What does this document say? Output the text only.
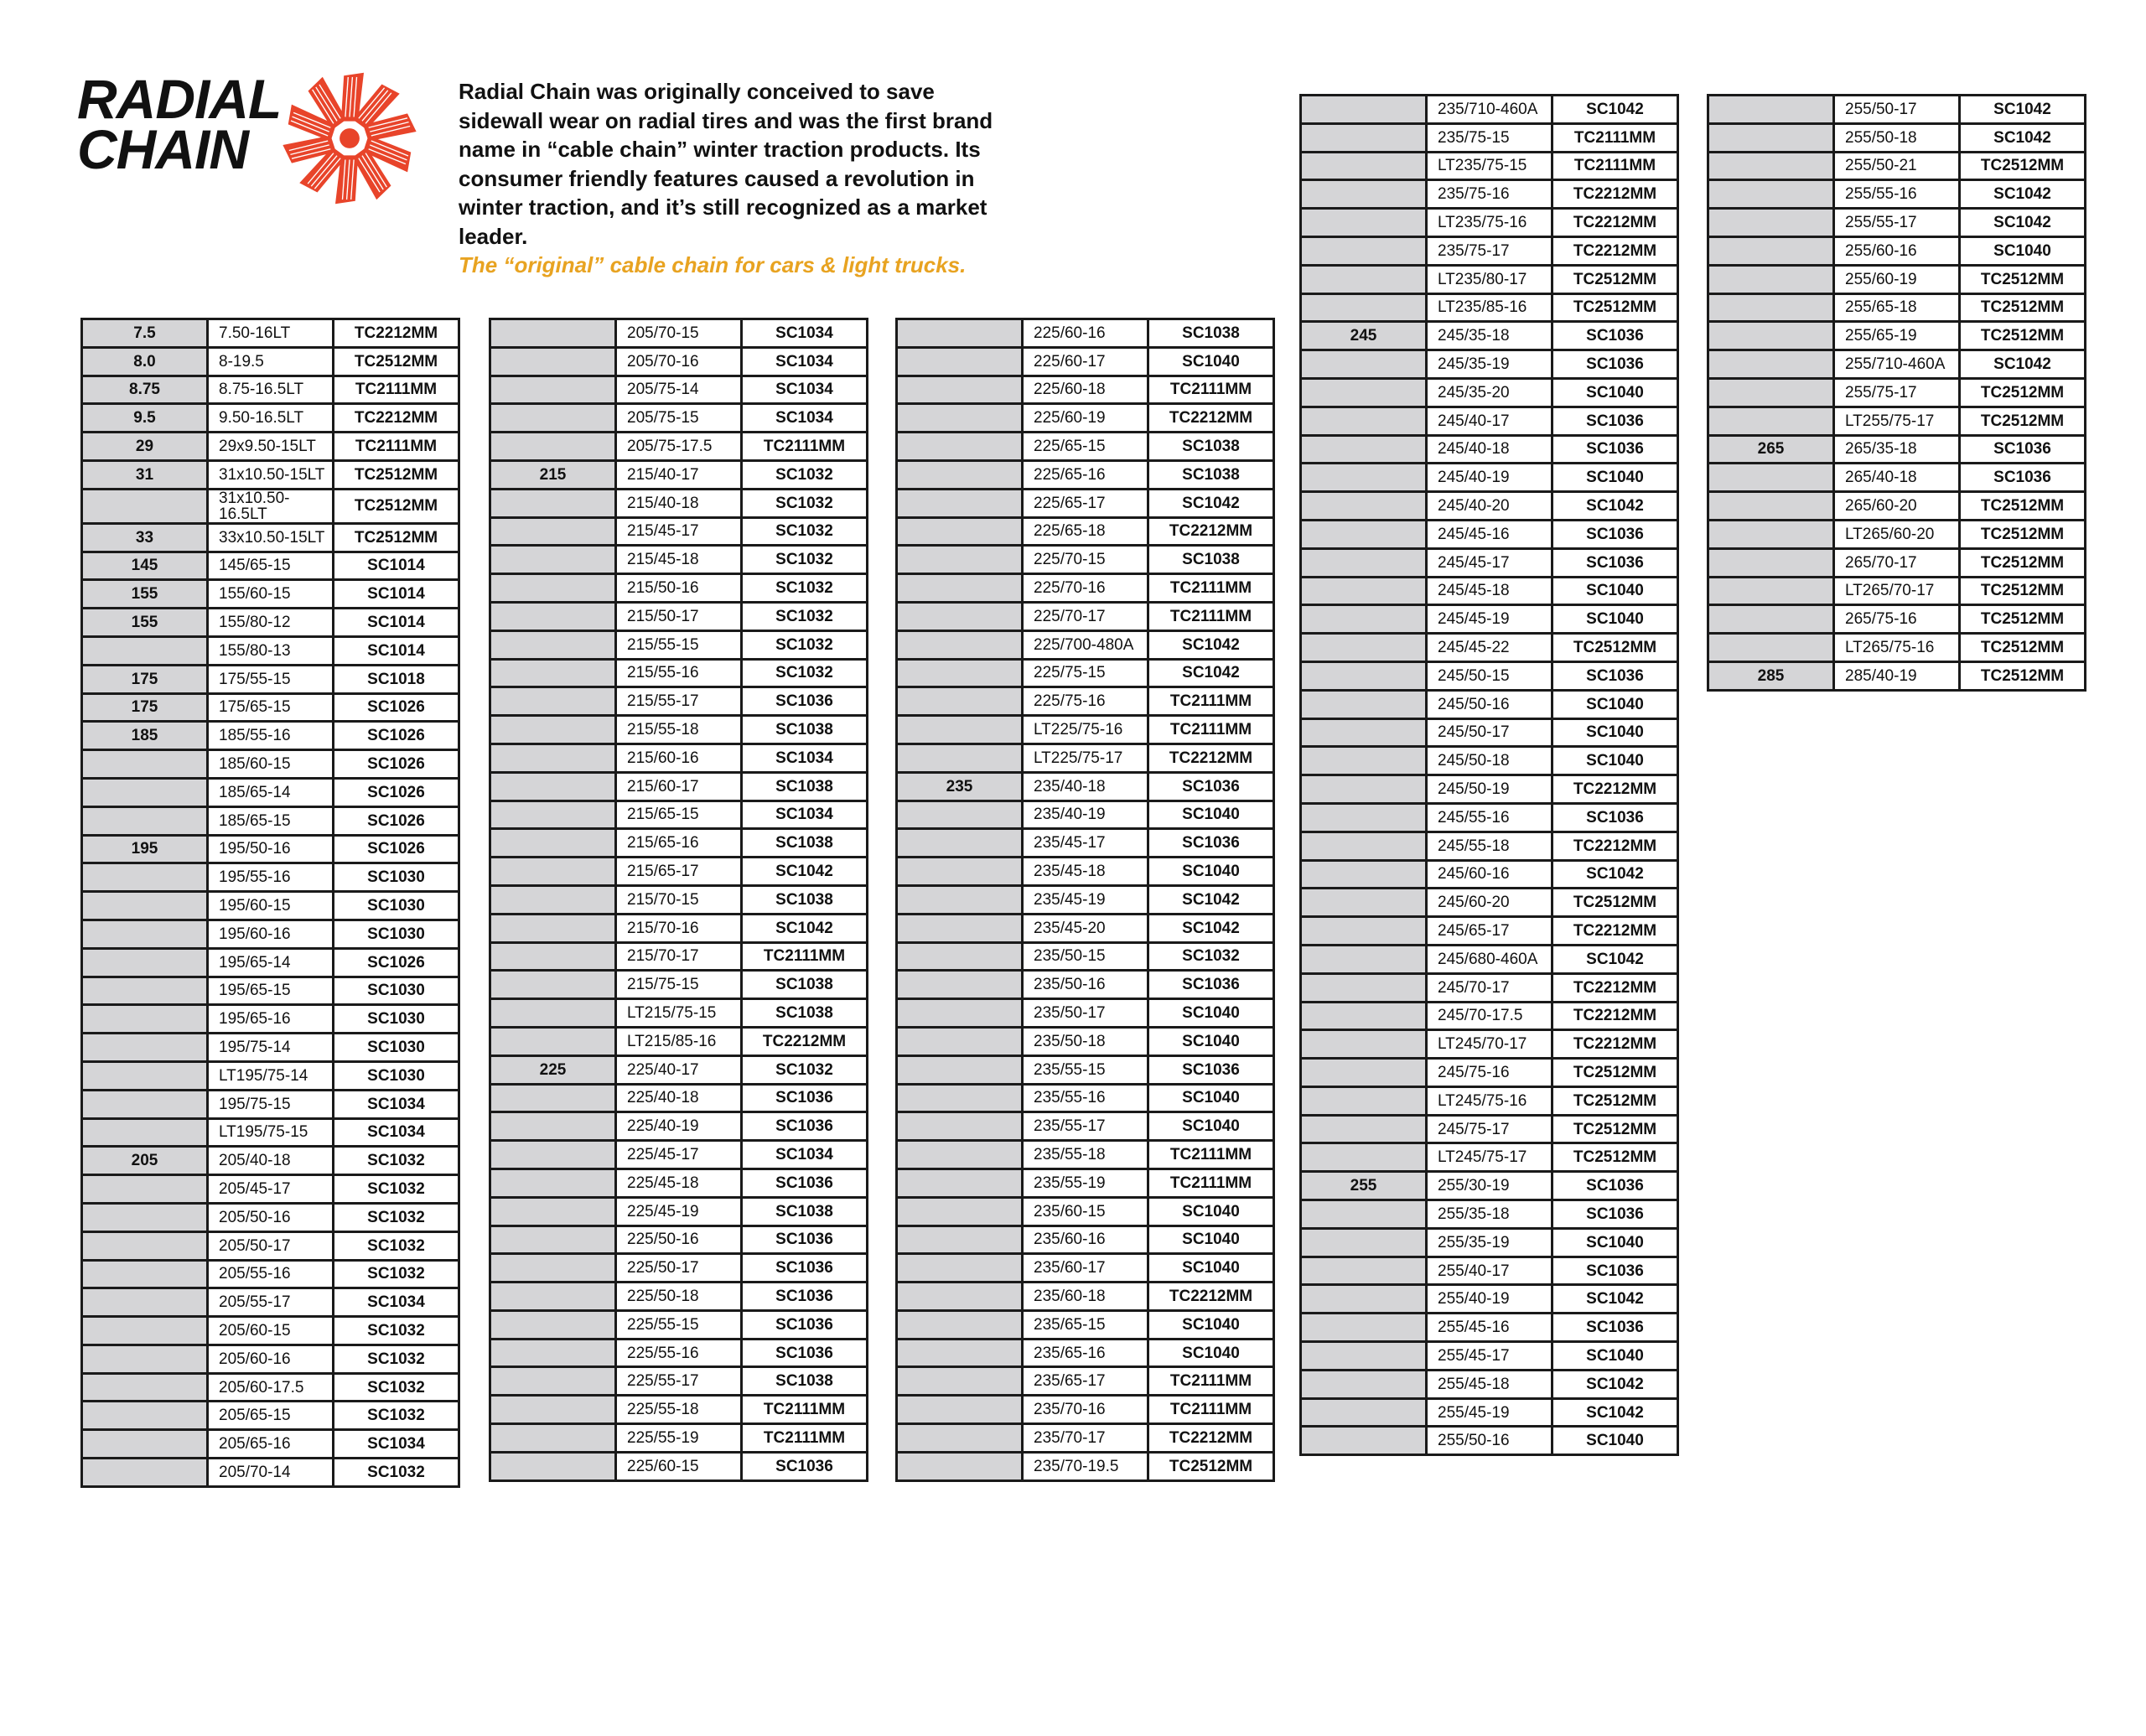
RADIAL
CHAIN
Radial Chain was originally conceived to save sidewall wear on radial tires and was the first brand name in “cable chain” winter traction products. Its consumer friendly features caused a revolution in winter traction, and it’s still recognized as a market leader.
The “original” cable chain for cars & light trucks.
7.5	7.50-16LT	TC2212MM
8.0	8-19.5	TC2512MM
8.75	8.75-16.5LT	TC2111MM
9.5	9.50-16.5LT	TC2212MM
29	29x9.50-15LT	TC2111MM
31	31x10.50-15LT	TC2512MM
	31x10.50-16.5LT	TC2512MM
33	33x10.50-15LT	TC2512MM
145	145/65-15	SC1014
155	155/60-15	SC1014
155	155/80-12	SC1014
	155/80-13	SC1014
175	175/55-15	SC1018
175	175/65-15	SC1026
185	185/55-16	SC1026
	185/60-15	SC1026
	185/65-14	SC1026
	185/65-15	SC1026
195	195/50-16	SC1026
	195/55-16	SC1030
	195/60-15	SC1030
	195/60-16	SC1030
	195/65-14	SC1026
	195/65-15	SC1030
	195/65-16	SC1030
	195/75-14	SC1030
	LT195/75-14	SC1030
	195/75-15	SC1034
	LT195/75-15	SC1034
205	205/40-18	SC1032
	205/45-17	SC1032
	205/50-16	SC1032
	205/50-17	SC1032
	205/55-16	SC1032
	205/55-17	SC1034
	205/60-15	SC1032
	205/60-16	SC1032
	205/60-17.5	SC1032
	205/65-15	SC1032
	205/65-16	SC1034
	205/70-14	SC1032
	205/70-15	SC1034
	205/70-16	SC1034
	205/75-14	SC1034
	205/75-15	SC1034
	205/75-17.5	TC2111MM
215	215/40-17	SC1032
	215/40-18	SC1032
	215/45-17	SC1032
	215/45-18	SC1032
	215/50-16	SC1032
	215/50-17	SC1032
	215/55-15	SC1032
	215/55-16	SC1032
	215/55-17	SC1036
	215/55-18	SC1038
	215/60-16	SC1034
	215/60-17	SC1038
	215/65-15	SC1034
	215/65-16	SC1038
	215/65-17	SC1042
	215/70-15	SC1038
	215/70-16	SC1042
	215/70-17	TC2111MM
	215/75-15	SC1038
	LT215/75-15	SC1038
	LT215/85-16	TC2212MM
225	225/40-17	SC1032
	225/40-18	SC1036
	225/40-19	SC1036
	225/45-17	SC1034
	225/45-18	SC1036
	225/45-19	SC1038
	225/50-16	SC1036
	225/50-17	SC1036
	225/50-18	SC1036
	225/55-15	SC1036
	225/55-16	SC1036
	225/55-17	SC1038
	225/55-18	TC2111MM
	225/55-19	TC2111MM
	225/60-15	SC1036
	225/60-16	SC1038
	225/60-17	SC1040
	225/60-18	TC2111MM
	225/60-19	TC2212MM
	225/65-15	SC1038
	225/65-16	SC1038
	225/65-17	SC1042
	225/65-18	TC2212MM
	225/70-15	SC1038
	225/70-16	TC2111MM
	225/70-17	TC2111MM
	225/700-480A	SC1042
	225/75-15	SC1042
	225/75-16	TC2111MM
	LT225/75-16	TC2111MM
	LT225/75-17	TC2212MM
235	235/40-18	SC1036
	235/40-19	SC1040
	235/45-17	SC1036
	235/45-18	SC1040
	235/45-19	SC1042
	235/45-20	SC1042
	235/50-15	SC1032
	235/50-16	SC1036
	235/50-17	SC1040
	235/50-18	SC1040
	235/55-15	SC1036
	235/55-16	SC1040
	235/55-17	SC1040
	235/55-18	TC2111MM
	235/55-19	TC2111MM
	235/60-15	SC1040
	235/60-16	SC1040
	235/60-17	SC1040
	235/60-18	TC2212MM
	235/65-15	SC1040
	235/65-16	SC1040
	235/65-17	TC2111MM
	235/70-16	TC2111MM
	235/70-17	TC2212MM
	235/70-19.5	TC2512MM
	235/710-460A	SC1042
	235/75-15	TC2111MM
	LT235/75-15	TC2111MM
	235/75-16	TC2212MM
	LT235/75-16	TC2212MM
	235/75-17	TC2212MM
	LT235/80-17	TC2512MM
	LT235/85-16	TC2512MM
245	245/35-18	SC1036
	245/35-19	SC1036
	245/35-20	SC1040
	245/40-17	SC1036
	245/40-18	SC1036
	245/40-19	SC1040
	245/40-20	SC1042
	245/45-16	SC1036
	245/45-17	SC1036
	245/45-18	SC1040
	245/45-19	SC1040
	245/45-22	TC2512MM
	245/50-15	SC1036
	245/50-16	SC1040
	245/50-17	SC1040
	245/50-18	SC1040
	245/50-19	TC2212MM
	245/55-16	SC1036
	245/55-18	TC2212MM
	245/60-16	SC1042
	245/60-20	TC2512MM
	245/65-17	TC2212MM
	245/680-460A	SC1042
	245/70-17	TC2212MM
	245/70-17.5	TC2212MM
	LT245/70-17	TC2212MM
	245/75-16	TC2512MM
	LT245/75-16	TC2512MM
	245/75-17	TC2512MM
	LT245/75-17	TC2512MM
255	255/30-19	SC1036
	255/35-18	SC1036
	255/35-19	SC1040
	255/40-17	SC1036
	255/40-19	SC1042
	255/45-16	SC1036
	255/45-17	SC1040
	255/45-18	SC1042
	255/45-19	SC1042
	255/50-16	SC1040
	255/50-17	SC1042
	255/50-18	SC1042
	255/50-21	TC2512MM
	255/55-16	SC1042
	255/55-17	SC1042
	255/60-16	SC1040
	255/60-19	TC2512MM
	255/65-18	TC2512MM
	255/65-19	TC2512MM
	255/710-460A	SC1042
	255/75-17	TC2512MM
	LT255/75-17	TC2512MM
265	265/35-18	SC1036
	265/40-18	SC1036
	265/60-20	TC2512MM
	LT265/60-20	TC2512MM
	265/70-17	TC2512MM
	LT265/70-17	TC2512MM
	265/75-16	TC2512MM
	LT265/75-16	TC2512MM
285	285/40-19	TC2512MM
